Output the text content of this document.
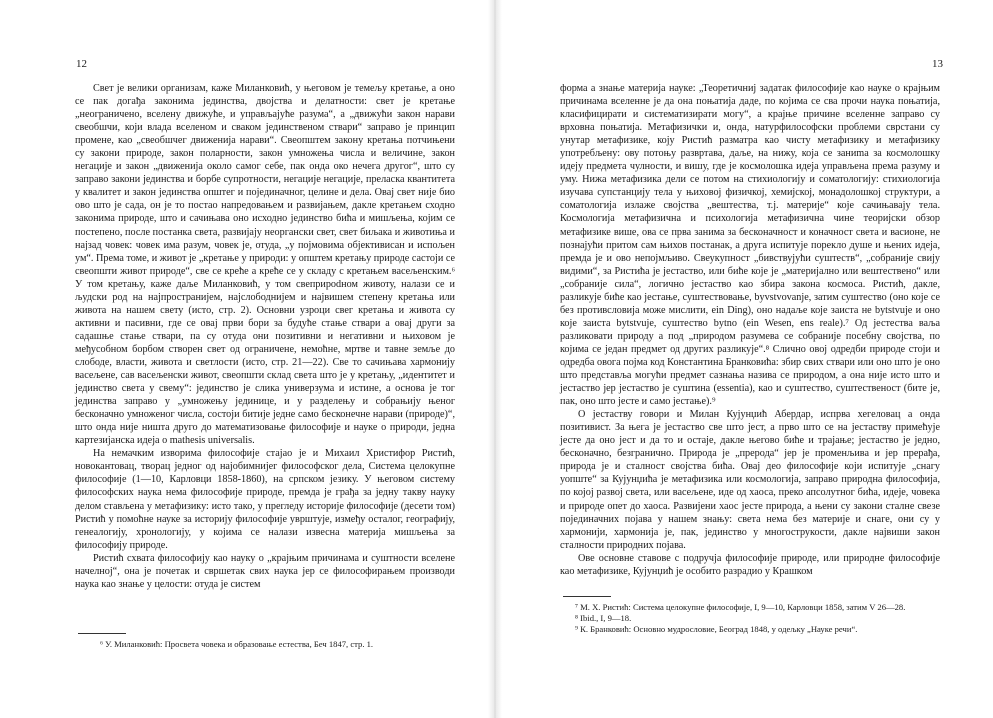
12

Свет је велики организам, каже Миланковић, у његовом је темељу кретање, а оно се пак догађа законима јединства, двојства и делатности: свет је кретање „неограничено, вселену движуће, и управљајуће разума“, а „движући закон нарави свеобшчи, који влада вселеном и сваком јединственом ствари“ заправо је принцип промене, као „свеобшчег движенија нарави“. Свеопштем закону кретања потчињени су закони природе, закон поларности, закон умножења числа и величине, закон негације и закон „движенија около самог себе, пак онда око нечега другог“, што су заправо закони јединства и борбе супротности, негације негације, преласка квантитета у квалитет и закон јединства општег и појединачног, целине и дела. Овај свет није био ово што је сада, он је то постао напредовањем и развијањем, дакле кретањем сходно законима природе, што и сачињава оно исходно јединство бића и мишљења, којим се постепено, после постанка света, развијају неоргански свет, свет биљака и животиња и најзад човек: човек има разум, човек је, отуда, „у појмовима објективисан и испољен ум“. Према томе, и живот је „кретање у природи: у општем кретању природе састоји се свеопшти живот природе“, све се креће а креће се у складу с кретањем васељенским.⁶ У том кретању, каже даље Миланковић, у том свеприрodном животу, налази се и људски род на најпространијем, најслободнијем и највишем степену кретања или живота на нашем свету (исто, стр. 2). Основни узроци свег кретања и живота су активни и пасивни, где се овај први бори за будуће стање ствари а овај други за садашње стање ствари, па су отуда они позитивни и негативни и њиховом је међусобном борбом створен свет од ограничене, немоћне, мртве и тавне земље до слободе, власти, живота и светлости (исто, стр. 21—22). Све то сачињава хармонију васељене, сав васељенски живот, свеопшти склад света што је у кретању, „идентитет и јединство света у свему“: јединство је слика универзума и истине, а основа је тог јединства заправо у „умножењу јединице, и у разделењу и собрањију њеног бесконачно умноженог числа, состоји битије једне само бесконечне нарави (природе)“, што онда није ништа друго до математизовање философије и науке о природи, једна картезијанска идеја о mathesis universalis.

На немачким изворима философије стајао је и Михаил Христифор Ристић, новокантовац, творац једног од најобимнијег философског дела, Система целокупне философије (1—10, Карловци 1858-1860), на српском језику. У његовом систему философских наука нема философије природе, премда је грађа за једну такву науку делом стављена у метафизику: исто тако, у прегледу историје философије (десети том) Ристић у помоћне науке за историју философије уврштује, између осталог, географију, генеалогију, хронологију, у којима се налази извесна материја мишљења за философију природе.

Ристић схвата философију као науку о „крајњим причинама и суштности вселене начелној“, она је почетак и свршетак свих наука јер се философирањем производи наука као знање у целости: отуда је систем

⁶ У. Миланковић: Просвета човека и образовање естества, Беч 1847, стр. 1.

13

форма а знање материја науке: „Теоретичниј задатак философије као науке о крајњим причинама вселенне је да она поњатија даде, по којима се сва прочи наука поњатија, класифицирати и систематизирати могу“, а крајње причине вселенне заправо су врховна поњатија. Метафизички и, онда, натурфилософски проблеми сврстани су унутар метафизике, коју Ристић разматра као чисту метафизику и метафизику употребљену: ову потоњу развртава, даље, на нижу, која се заниma за космолошку идеју предмета чулности, и вишу, где је космолошка идеја управљена према разуму и уму. Нижа метафизика дели се потом на стихиологију и соматологију: стихиологија изучава супстанцију тела у њиховој физичкој, хемијској, монадолошкој структури, а соматологија излаже својства „вештества, т.ј. материје“ које сачињавају тела. Космологија метафизична и психологија метафизична чине теоријски обзор метафизике више, ова се прва занима за бесконачност и коначност света и васионе, не познајући притом сам њихов постанак, а друга испитује порекло душе и њених идеја, премда је и ово непојмљиво. Свеукупност „бивствујући суштеств“, „собраније свију видими“, за Ристића је јестаство, или биће које је „материјално или вештествено“ или „собраније сила“, логично јестаство као збира закона космоса. Ристић, дакле, разликује биће као јестање, суштествовање, bуvstvovanje, затим суштество (оно које се без противсловија може мислити, ein Ding), оно надаље које заиста не bytstvuje и оно које заиста bytstvuje, суштество bytno (ein Wesen, ens reale).⁷ Од јестества ваља разликовати природу а под „природом разумева се собраније посебну својства, по којима се један предмет од других разликује“.⁸ Слично овој одредби природе стоји и одредба овога појма код Константина Бранковића: збир свих ствари или оно што је оно што представља могући предмет сазнања назива се природом, а она није исто што и јестаство јер јестаство је суштина (essentia), као и суштество, суштественост (бите је, пак, оно што јесте и само јестање).⁹

О јестаству говори и Милан Кујунџић Абердар, испрва хегеловац а онда позитивист. За њега је јестаство све што јест, а прво што се на јестаству примећује јесте да оно јест и да то и остаје, дакле његово биће и трајање; јестаство је једно, бесконачно, безгранично. Природа је „прерода“ јер је променљива и јер прерађа, природа је и сталност својства бића. Овај део философије који испитује „снагу уопште“ за Кујунџића је метафизика или космологија, заправо природна философија, по којој развој света, или васељене, иде од хаоса, преко апсолутног бића, идеје, човека и природе опет до хаоса. Развијени хаос јесте природа, а њени су закони сталне свезе појединачних појава у нашем знању: света нема без материје и снаге, они су у хармонији, хармонија је, пак, јединство у многострукости, дакле највиши закон сталности природних појава.

Ове основне ставове с подручја философије природе, или природне философије као метафизике, Кујунџић је особито разрадио у Крашком

⁷ М. Х. Ристић: Система целокупне философије, I, 9—10, Карловци 1858, затим V 26—28.

⁸ Ibid., I, 9—18.

⁹ К. Бранковић: Основно мудрословие, Београд 1848, у одељку „Науке речи“.
